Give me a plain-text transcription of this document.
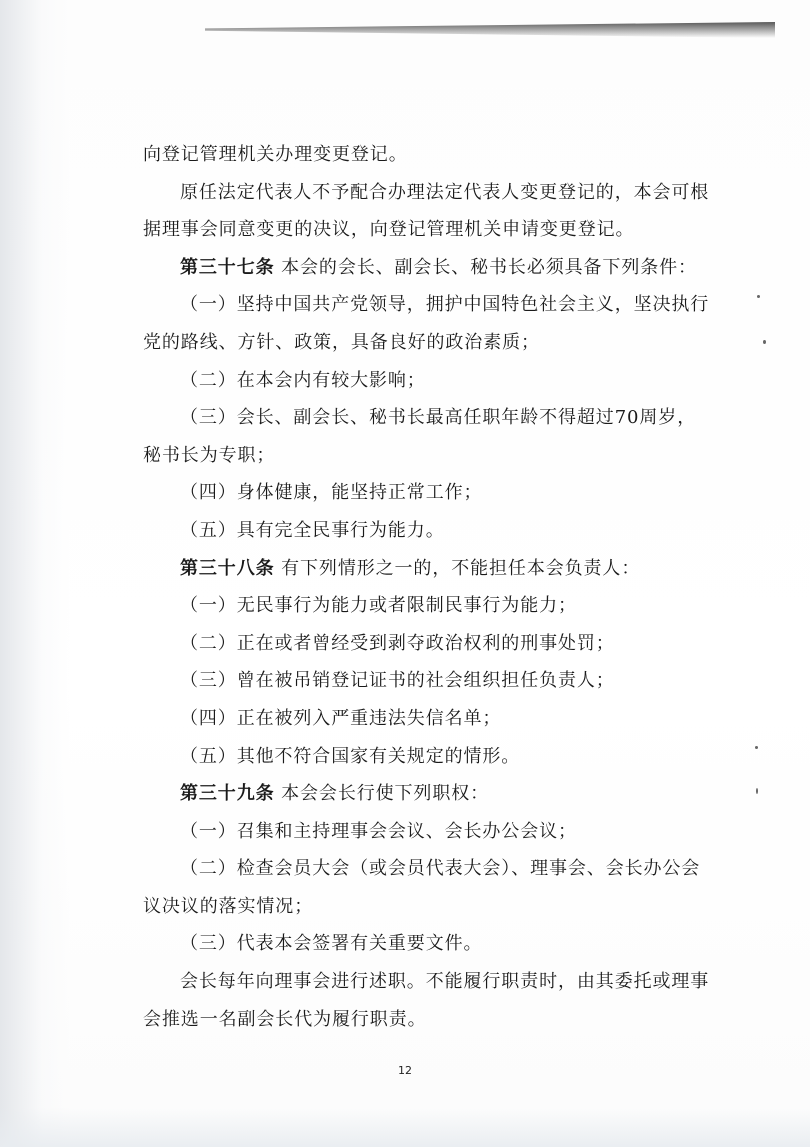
向登记管理机关办理变更登记。
原任法定代表人不予配合办理法定代表人变更登记的，本会可根
据理事会同意变更的决议，向登记管理机关申请变更登记。
第三十七条 本会的会长、副会长、秘书长必须具备下列条件：
（一）坚持中国共产党领导，拥护中国特色社会主义，坚决执行
党的路线、方针、政策，具备良好的政治素质；
（二）在本会内有较大影响；
（三）会长、副会长、秘书长最高任职年龄不得超过70周岁，
秘书长为专职；
（四）身体健康，能坚持正常工作；
（五）具有完全民事行为能力。
第三十八条 有下列情形之一的，不能担任本会负责人：
（一）无民事行为能力或者限制民事行为能力；
（二）正在或者曾经受到剥夺政治权利的刑事处罚；
（三）曾在被吊销登记证书的社会组织担任负责人；
（四）正在被列入严重违法失信名单；
（五）其他不符合国家有关规定的情形。
第三十九条 本会会长行使下列职权：
（一）召集和主持理事会会议、会长办公会议；
（二）检查会员大会（或会员代表大会）、理事会、会长办公会
议决议的落实情况；
（三）代表本会签署有关重要文件。
会长每年向理事会进行述职。不能履行职责时，由其委托或理事
会推选一名副会长代为履行职责。
12
